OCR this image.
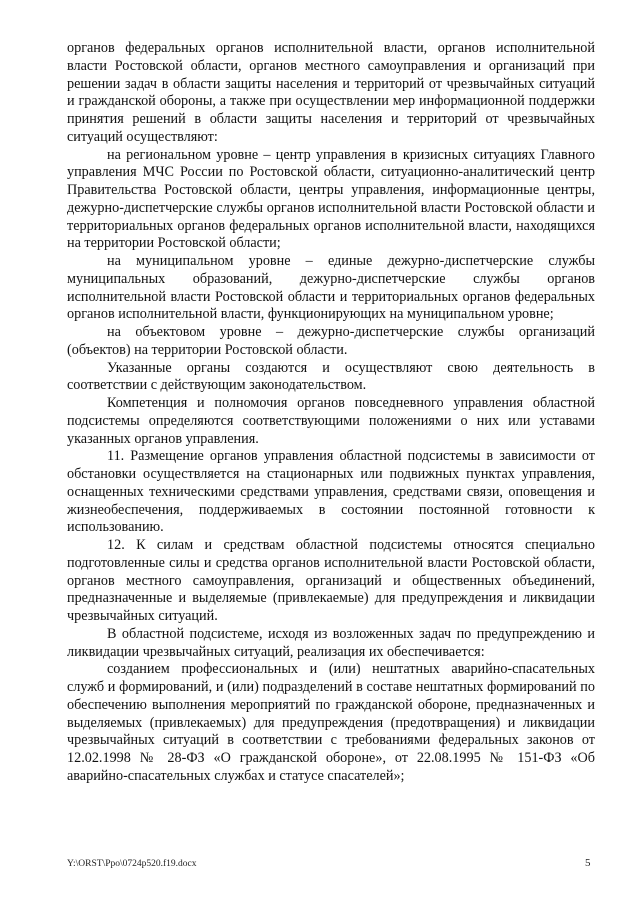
органов федеральных органов исполнительной власти, органов исполнительной власти Ростовской области, органов местного самоуправления и организаций при решении задач в области защиты населения и территорий от чрезвычайных ситуаций и гражданской обороны, а также при осуществлении мер информационной поддержки принятия решений в области защиты населения и территорий от чрезвычайных ситуаций осуществляют:

на региональном уровне – центр управления в кризисных ситуациях Главного управления МЧС России по Ростовской области, ситуационно-аналитический центр Правительства Ростовской области, центры управления, информационные центры, дежурно-диспетчерские службы органов исполнительной власти Ростовской области и территориальных органов федеральных органов исполнительной власти, находящихся на территории Ростовской области;

на муниципальном уровне – единые дежурно-диспетчерские службы муниципальных образований, дежурно-диспетчерские службы органов исполнительной власти Ростовской области и территориальных органов федеральных органов исполнительной власти, функционирующих на муниципальном уровне;

на объектовом уровне – дежурно-диспетчерские службы организаций (объектов) на территории Ростовской области.

Указанные органы создаются и осуществляют свою деятельность в соответствии с действующим законодательством.

Компетенция и полномочия органов повседневного управления областной подсистемы определяются соответствующими положениями о них или уставами указанных органов управления.

11. Размещение органов управления областной подсистемы в зависимости от обстановки осуществляется на стационарных или подвижных пунктах управления, оснащенных техническими средствами управления, средствами связи, оповещения и жизнеобеспечения, поддерживаемых в состоянии постоянной готовности к использованию.

12. К силам и средствам областной подсистемы относятся специально подготовленные силы и средства органов исполнительной власти Ростовской области, органов местного самоуправления, организаций и общественных объединений, предназначенные и выделяемые (привлекаемые) для предупреждения и ликвидации чрезвычайных ситуаций.

В областной подсистеме, исходя из возложенных задач по предупреждению и ликвидации чрезвычайных ситуаций, реализация их обеспечивается:

созданием профессиональных и (или) нештатных аварийно-спасательных служб и формирований, и (или) подразделений в составе нештатных формирований по обеспечению выполнения мероприятий по гражданской обороне, предназначенных и выделяемых (привлекаемых) для предупреждения (предотвращения) и ликвидации чрезвычайных ситуаций в соответствии с требованиями федеральных законов от 12.02.1998 № 28-ФЗ «О гражданской обороне», от 22.08.1995 № 151-ФЗ «Об аварийно-спасательных службах и статусе спасателей»;

Y:\ORST\Ppo\0724p520.f19.docx	5
